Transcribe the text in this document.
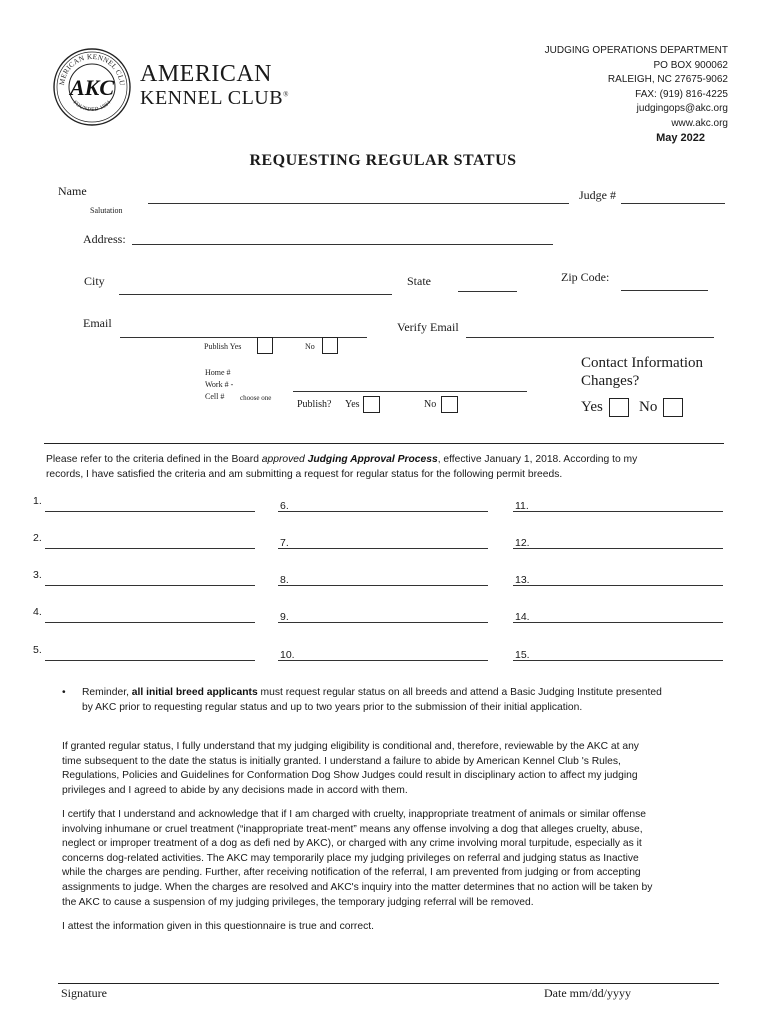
MERICAN KENNEL CLU
FOUNDED 1884
AKC
AMERICAN
KENNEL CLUB®
JUDGING OPERATIONS DEPARTMENT
PO BOX 900062
RALEIGH, NC 27675-9062
FAX: (919) 816-4225
judgingops@akc.org
www.akc.org
May 2022
REQUESTING REGULAR STATUS
Name	Judge #
Salutation
Address:
City	State	Zip Code:
Email	Verify Email
Publish Yes	No
Home #
Work # -
Cell # choose one
Publish? Yes	No
Contact Information
Changes?
Yes No
Please refer to the criteria defined in the Board approved Judging Approval Process, effective January 1, 2018. According to my
records, I have satisfied the criteria and am submitting a request for regular status for the following permit breeds.
1.
2.
3.
4.
5.
6.
7.
8.
9.
10.
11.
12.
13.
14.
15.
•	Reminder, all initial breed applicants must request regular status on all breeds and attend a Basic Judging Institute presented
by AKC prior to requesting regular status and up to two years prior to the submission of their initial application.
If granted regular status, I fully understand that my judging eligibility is conditional and, therefore, reviewable by the AKC at any
time subsequent to the date the status is initially granted. I understand a failure to abide by American Kennel Club 's Rules,
Regulations, Policies and Guidelines for Conformation Dog Show Judges could result in disciplinary action to affect my judging
privileges and I agreed to abide by any decisions made in accord with them.
I certify that I understand and acknowledge that if I am charged with cruelty, inappropriate treatment of animals or similar offense
involving inhumane or cruel treatment (“inappropriate treat-ment” means any offense involving a dog that alleges cruelty, abuse,
neglect or improper treatment of a dog as defi ned by AKC), or charged with any crime involving moral turpitude, especially as it
concerns dog-related activities. The AKC may temporarily place my judging privileges on referral and judging status as Inactive
while the charges are pending. Further, after receiving notification of the referral, I am prevented from judging or from accepting
assignments to judge. When the charges are resolved and AKC's inquiry into the matter determines that no action will be taken by
the AKC to cause a suspension of my judging privileges, the temporary judging referral will be removed.
I attest the information given in this questionnaire is true and correct.
Signature	Date mm/dd/yyyy
